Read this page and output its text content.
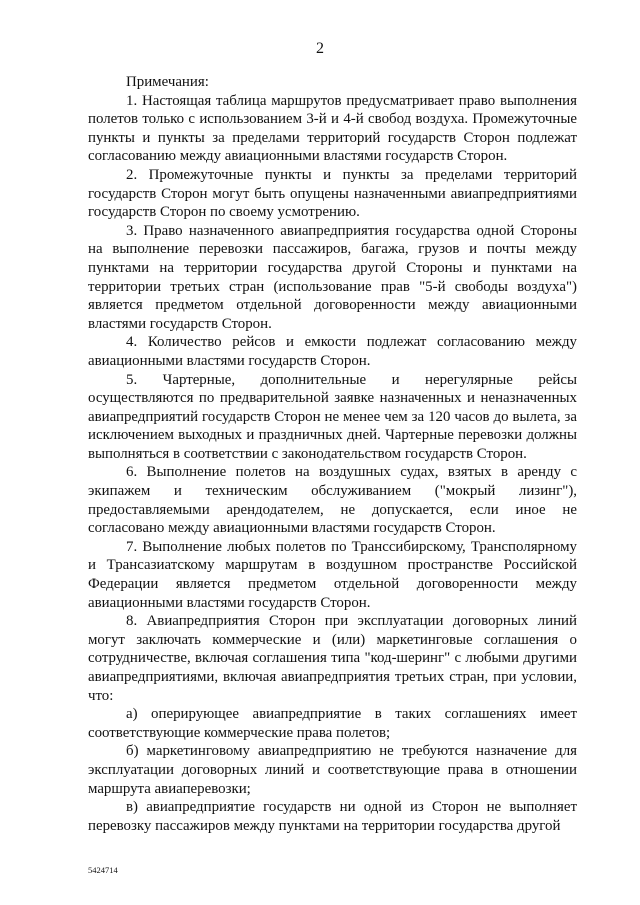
2

Примечания:

1. Настоящая таблица маршрутов предусматривает право выполнения полетов только с использованием 3-й и 4-й свобод воздуха. Промежуточные пункты и пункты за пределами территорий государств Сторон подлежат согласованию между авиационными властями государств Сторон.

2. Промежуточные пункты и пункты за пределами территорий государств Сторон могут быть опущены назначенными авиапредприятиями государств Сторон по своему усмотрению.

3. Право назначенного авиапредприятия государства одной Стороны на выполнение перевозки пассажиров, багажа, грузов и почты между пунктами на территории государства другой Стороны и пунктами на территории третьих стран (использование прав "5-й свободы воздуха") является предметом отдельной договоренности между авиационными властями государств Сторон.

4. Количество рейсов и емкости подлежат согласованию между авиационными властями государств Сторон.

5. Чартерные, дополнительные и нерегулярные рейсы осуществляются по предварительной заявке назначенных и неназначенных авиапредприятий государств Сторон не менее чем за 120 часов до вылета, за исключением выходных и праздничных дней. Чартерные перевозки должны выполняться в соответствии с законодательством государств Сторон.

6. Выполнение полетов на воздушных судах, взятых в аренду с экипажем и техническим обслуживанием ("мокрый лизинг"), предоставляемыми арендодателем, не допускается, если иное не согласовано между авиационными властями государств Сторон.

7. Выполнение любых полетов по Транссибирскому, Трансполярному и Трансазиатскому маршрутам в воздушном пространстве Российской Федерации является предметом отдельной договоренности между авиационными властями государств Сторон.

8. Авиапредприятия Сторон при эксплуатации договорных линий могут заключать коммерческие и (или) маркетинговые соглашения о сотрудничестве, включая соглашения типа "код-шеринг" с любыми другими авиапредприятиями, включая авиапредприятия третьих стран, при условии, что:

а) оперирующее авиапредприятие в таких соглашениях имеет соответствующие коммерческие права полетов;

б) маркетинговому авиапредприятию не требуются назначение для эксплуатации договорных линий и соответствующие права в отношении маршрута авиаперевозки;

в) авиапредприятие государств ни одной из Сторон не выполняет перевозку пассажиров между пунктами на территории государства другой

5424714
